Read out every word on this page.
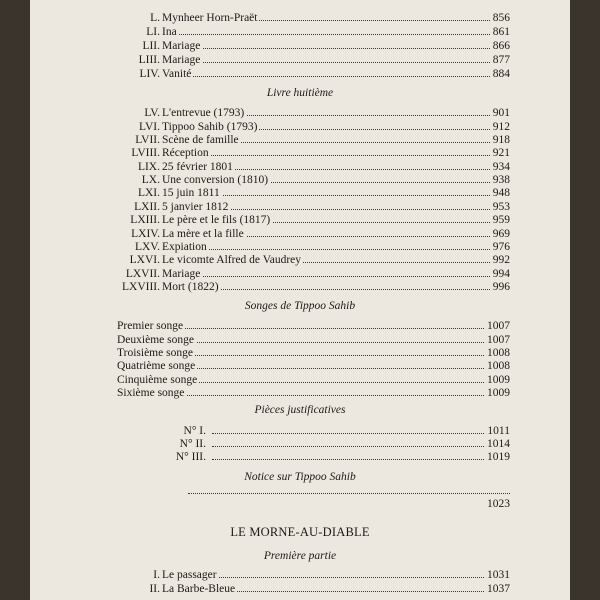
L. Mynheer Horn-Praët	856
LI. Ina	861
LII. Mariage	866
LIII. Mariage	877
LIV. Vanité	884
Livre huitième
LV. L'entrevue (1793)	901
LVI. Tippoo Sahib (1793)	912
LVII. Scène de famille	918
LVIII. Réception	921
LIX. 25 février 1801	934
LX. Une conversion (1810)	938
LXI. 15 juin 1811	948
LXII. 5 janvier 1812	953
LXIII. Le père et le fils (1817)	959
LXIV. La mère et la fille	969
LXV. Expiation	976
LXVI. Le vicomte Alfred de Vaudrey	992
LXVII. Mariage	994
LXVIII. Mort (1822)	996
Songes de Tippoo Sahib
Premier songe	1007
Deuxième songe	1007
Troisième songe	1008
Quatrième songe	1008
Cinquième songe	1009
Sixième songe	1009
Pièces justificatives
N° I.	1011
N° II.	1014
N° III.	1019
Notice sur Tippoo Sahib
1023
LE MORNE-AU-DIABLE
Première partie
I. Le passager	1031
II. La Barbe-Bleue	1037
